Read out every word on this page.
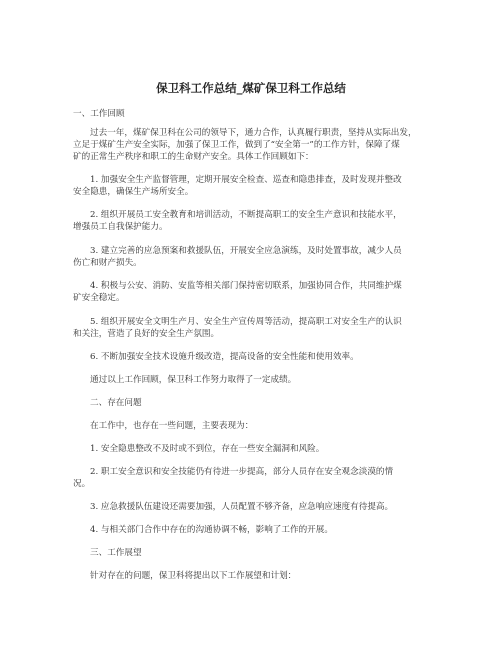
保卫科工作总结_煤矿保卫科工作总结
一、工作回顾
过去一年，煤矿保卫科在公司的领导下，通力合作，认真履行职责，坚持从实际出发，
立足于煤矿生产安全实际，加强了保卫工作，做到了“安全第一”的工作方针，保障了煤
矿的正常生产秩序和职工的生命财产安全。具体工作回顾如下：
1. 加强安全生产监督管理，定期开展安全检查、巡查和隐患排查，及时发现并整改
安全隐患，确保生产场所安全。
2. 组织开展员工安全教育和培训活动，不断提高职工的安全生产意识和技能水平，
增强员工自我保护能力。
3. 建立完善的应急预案和救援队伍，开展安全应急演练，及时处置事故，减少人员
伤亡和财产损失。
4. 积极与公安、消防、安监等相关部门保持密切联系，加强协同合作，共同维护煤
矿安全稳定。
5. 组织开展安全文明生产月、安全生产宣传周等活动，提高职工对安全生产的认识
和关注，营造了良好的安全生产氛围。
6. 不断加强安全技术设施升级改造，提高设备的安全性能和使用效率。
通过以上工作回顾，保卫科工作努力取得了一定成绩。
二、存在问题
在工作中，也存在一些问题，主要表现为：
1. 安全隐患整改不及时或不到位，存在一些安全漏洞和风险。
2. 职工安全意识和安全技能仍有待进一步提高，部分人员存在安全观念淡漠的情
况。
3. 应急救援队伍建设还需要加强，人员配置不够齐备，应急响应速度有待提高。
4. 与相关部门合作中存在的沟通协调不畅，影响了工作的开展。
三、工作展望
针对存在的问题，保卫科将提出以下工作展望和计划：
